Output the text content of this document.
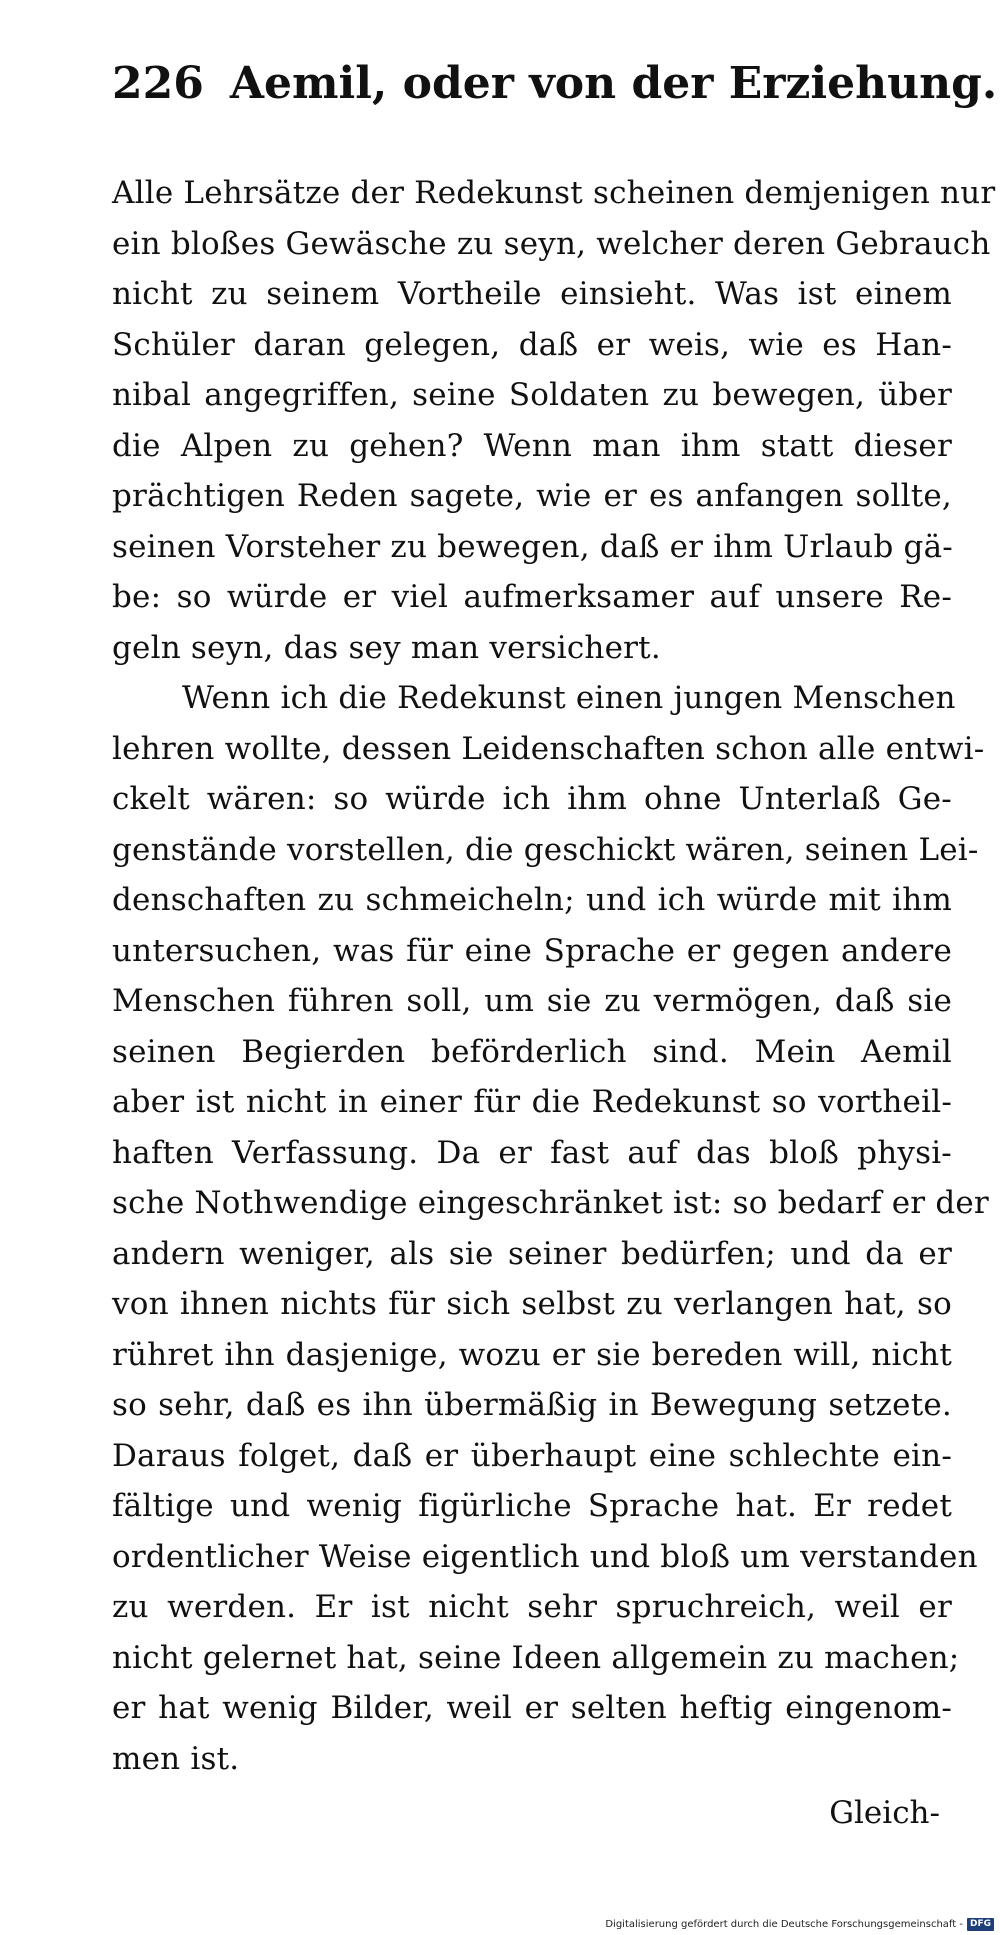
226 Aemil, oder von der Erziehung.
Alle Lehrsätze der Redekunst scheinen demjenigen nur
ein bloßes Gewäsche zu seyn, welcher deren Gebrauch
nicht zu seinem Vortheile einsieht. Was ist einem
Schüler daran gelegen, daß er weis, wie es Han-
nibal angegriffen, seine Soldaten zu bewegen, über
die Alpen zu gehen? Wenn man ihm statt dieser
prächtigen Reden sagete, wie er es anfangen sollte,
seinen Vorsteher zu bewegen, daß er ihm Urlaub gä-
be: so würde er viel aufmerksamer auf unsere Re-
geln seyn, das sey man versichert.
Wenn ich die Redekunst einen jungen Menschen
lehren wollte, dessen Leidenschaften schon alle entwi-
ckelt wären: so würde ich ihm ohne Unterlaß Ge-
genstände vorstellen, die geschickt wären, seinen Lei-
denschaften zu schmeicheln; und ich würde mit ihm
untersuchen, was für eine Sprache er gegen andere
Menschen führen soll, um sie zu vermögen, daß sie
seinen Begierden beförderlich sind. Mein Aemil
aber ist nicht in einer für die Redekunst so vortheil-
haften Verfassung. Da er fast auf das bloß physi-
sche Nothwendige eingeschränket ist: so bedarf er der
andern weniger, als sie seiner bedürfen; und da er
von ihnen nichts für sich selbst zu verlangen hat, so
rühret ihn dasjenige, wozu er sie bereden will, nicht
so sehr, daß es ihn übermäßig in Bewegung setzete.
Daraus folget, daß er überhaupt eine schlechte ein-
fältige und wenig figürliche Sprache hat. Er redet
ordentlicher Weise eigentlich und bloß um verstanden
zu werden. Er ist nicht sehr spruchreich, weil er
nicht gelernet hat, seine Ideen allgemein zu machen;
er hat wenig Bilder, weil er selten heftig eingenom-
men ist.
Gleich-
Digitalisierung gefördert durch die Deutsche Forschungsgemeinschaft - DFG
